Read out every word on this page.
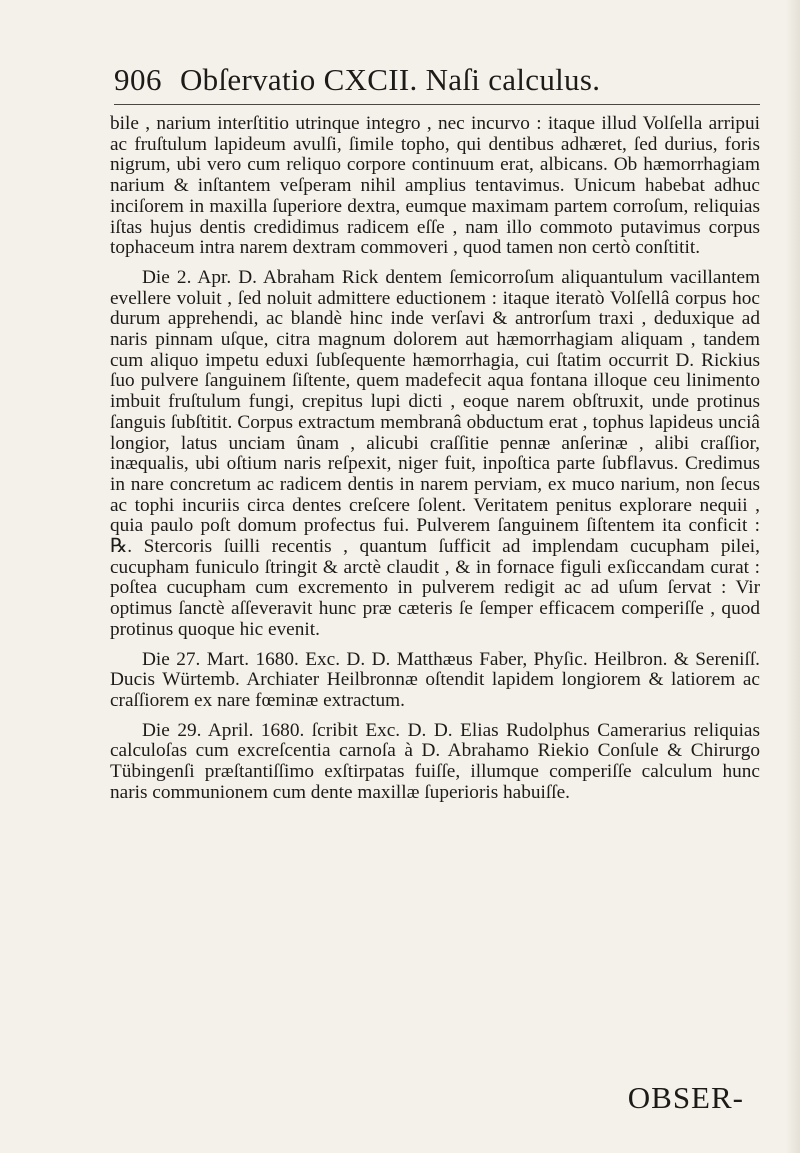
906 Obſervatio CXCII. Naſi calculus.

bile , narium interſtitio utrinque integro , nec incurvo : itaque illud Volſella arripui ac fruſtulum lapideum avulſi, ſimile topho, qui dentibus adhæret, ſed durius, foris nigrum, ubi vero cum reliquo corpore continuum erat, albicans. Ob hæmorrhagiam narium & inſtantem veſperam nihil amplius tentavimus. Unicum habebat adhuc inciſorem in maxilla ſuperiore dextra, eumque maximam partem corroſum, reliquias iſtas hujus dentis credidimus radicem eſſe , nam illo commoto putavimus corpus tophaceum intra narem dextram commoveri , quod tamen non certò conſtitit.

Die 2. Apr. D. Abraham Rick dentem ſemicorroſum aliquantulum vacillantem evellere voluit , ſed noluit admittere eductionem : itaque iteratò Volſellâ corpus hoc durum apprehendi, ac blandè hinc inde verſavi & antrorſum traxi , deduxique ad naris pinnam uſque, citra magnum dolorem aut hæmorrhagiam aliquam , tandem cum aliquo impetu eduxi ſubſequente hæmorrhagia, cui ſtatim occurrit D. Rickius ſuo pulvere ſanguinem ſiſtente, quem madefecit aqua fontana illoque ceu linimento imbuit fruſtulum fungi, crepitus lupi dicti , eoque narem obſtruxit, unde protinus ſanguis ſubſtitit. Corpus extractum membranâ obductum erat , tophus lapideus unciâ longior, latus unciam ûnam , alicubi craſſitie pennæ anſerinæ , alibi craſſior, inæqualis, ubi oſtium naris reſpexit, niger fuit, inpoſtica parte ſubflavus. Credimus in nare concretum ac radicem dentis in narem perviam, ex muco narium, non ſecus ac tophi incuriis circa dentes creſcere ſolent. Veritatem penitus explorare nequii , quia paulo poſt domum profectus fui. Pulverem ſanguinem ſiſtentem ita conficit : ℞. Stercoris ſuilli recentis , quantum ſufficit ad implendam cucupham pilei, cucupham funiculo ſtringit & arctè claudit , & in fornace figuli exſiccandam curat : poſtea cucupham cum excremento in pulverem redigit ac ad uſum ſervat : Vir optimus ſanctè aſſeveravit hunc præ cæteris ſe ſemper efficacem comperiſſe , quod protinus quoque hic evenit.

Die 27. Mart. 1680. Exc. D. D. Matthæus Faber, Phyſic. Heilbron. & Sereniſſ. Ducis Würtemb. Archiater Heilbronnæ oſtendit lapidem longiorem & latiorem ac craſſiorem ex nare fœminæ extractum.

Die 29. April. 1680. ſcribit Exc. D. D. Elias Rudolphus Camerarius reliquias calculoſas cum excreſcentia carnoſa à D. Abrahamo Riekio Conſule & Chirurgo Tübingenſi præſtantiſſimo exſtirpatas fuiſſe, illumque comperiſſe calculum hunc naris communionem cum dente maxillæ ſuperioris habuiſſe.

OBSER-
